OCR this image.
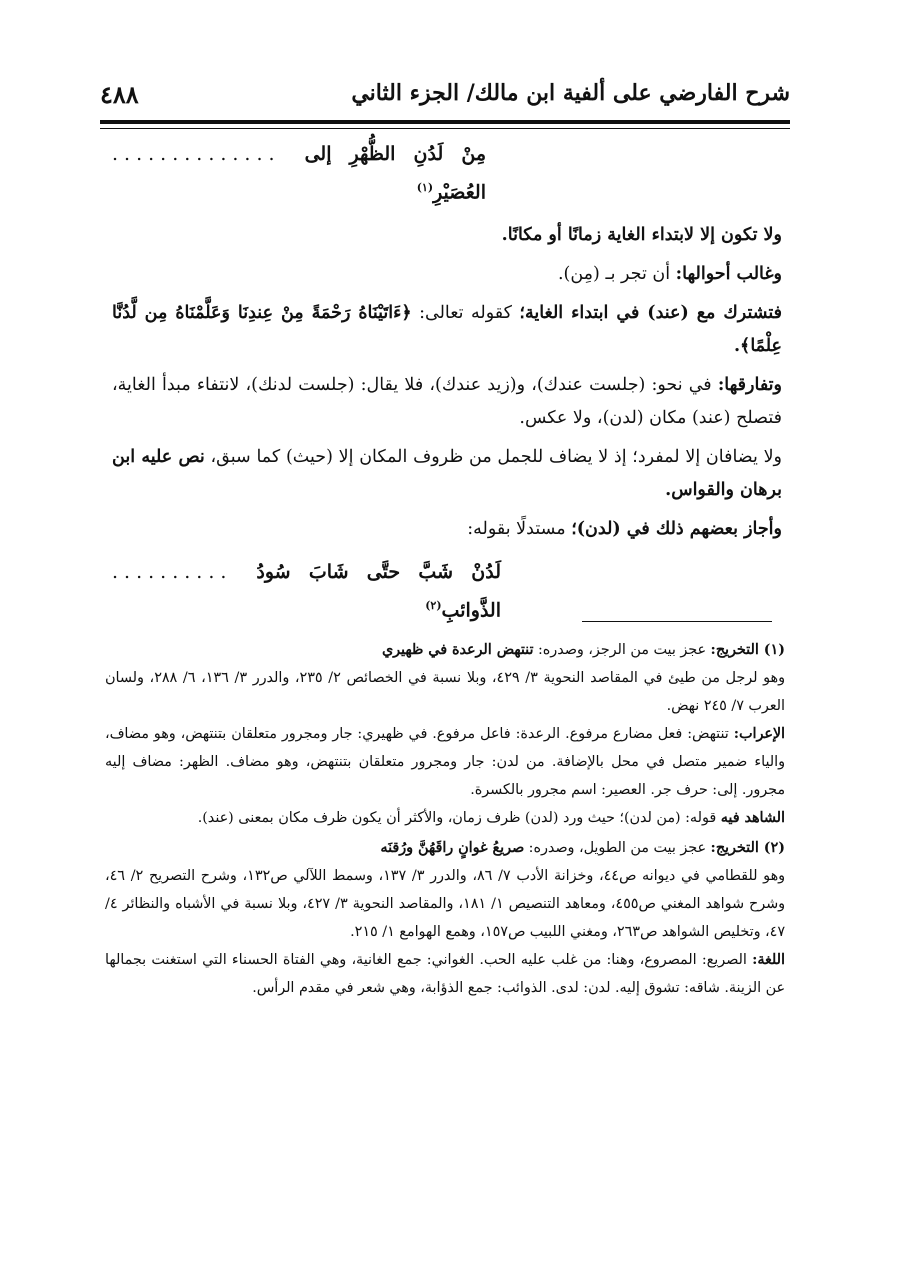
شرح الفارضي على ألفية ابن مالك/ الجزء الثاني
٤٨٨
مِنْ لَدُنِ الظُّهْرِ إلى العُصَيْرِ$^{(١)}$
..............

ولا تكون إلا لابتداء الغاية زمانًا أو مكانًا.

وغالب أحوالها: أن تجر بـ (مِن).

فتشترك مع (عند) في ابتداء الغاية؛ كقوله تعالى: ﴿ءَاتَيْنَاهُ رَحْمَةً مِنْ عِندِنَا وَعَلَّمْنَاهُ مِن لَّدُنَّا عِلْمًا﴾.

وتفارقها: في نحو: (جلست عندك)، و(زيد عندك)، فلا يقال: (جلست لدنك)، لانتفاء مبدأ الغاية، فتصلح (عند) مكان (لدن)، ولا عكس.

ولا يضافان إلا لمفرد؛ إذ لا يضاف للجمل من ظروف المكان إلا (حيث) كما سبق، نص عليه ابن برهان والقواس.

وأجاز بعضهم ذلك في (لدن)؛ مستدلًا بقوله:

لَدُنْ شَبَّ حتَّى شَابَ سُودُ الذَّوائبِ$^{(٢)}$
..........

(١) التخريج: عجز بيت من الرجز، وصدره: تنتهض الرعدة في ظهيري

وهو لرجل من طيئ في المقاصد النحوية ٣/ ٤٢٩، وبلا نسبة في الخصائص ٢/ ٢٣٥، والدرر ٣/ ١٣٦، ٦/ ٢٨٨، ولسان العرب ٧/ ٢٤٥ نهض.

الإعراب: تنتهض: فعل مضارع مرفوع. الرعدة: فاعل مرفوع. في ظهيري: جار ومجرور متعلقان بتنتهض، وهو مضاف، والياء ضمير متصل في محل بالإضافة. من لدن: جار ومجرور متعلقان بتنتهض، وهو مضاف. الظهر: مضاف إليه مجرور. إلى: حرف جر. العصير: اسم مجرور بالكسرة.

الشاهد فيه قوله: (من لدن)؛ حيث ورد (لدن) ظرف زمان، والأكثر أن يكون ظرف مكان بمعنى (عند).

(٢) التخريج: عجز بيت من الطويل، وصدره: صريعُ غوانٍ راقَهُنَّ ورُقنَه

وهو للقطامي في ديوانه ص٤٤، وخزانة الأدب ٧/ ٨٦، والدرر ٣/ ١٣٧، وسمط اللآلي ص١٣٢، وشرح التصريح ٢/ ٤٦، وشرح شواهد المغني ص٤٥٥، ومعاهد التنصيص ١/ ١٨١، والمقاصد النحوية ٣/ ٤٢٧، وبلا نسبة في الأشباه والنظائر ٤/ ٤٧، وتخليص الشواهد ص٢٦٣، ومغني اللبيب ص١٥٧، وهمع الهوامع ١/ ٢١٥.

اللغة: الصريع: المصروع، وهنا: من غلب عليه الحب. الغواني: جمع الغانية، وهي الفتاة الحسناء التي استغنت بجمالها عن الزينة. شاقه: تشوق إليه. لدن: لدى. الذوائب: جمع الذؤابة، وهي شعر في مقدم الرأس.
